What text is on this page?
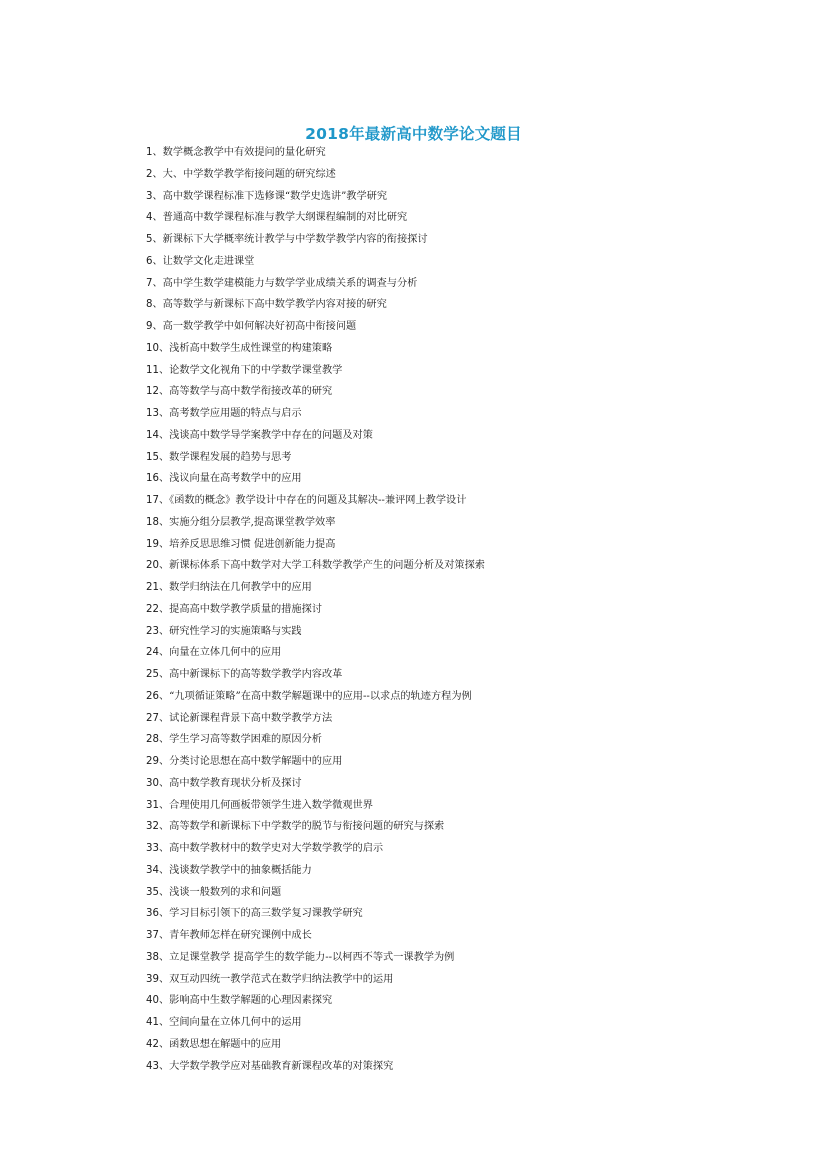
2018年最新高中数学论文题目
1、数学概念教学中有效提问的量化研究
2、大、中学数学教学衔接问题的研究综述
3、高中数学课程标准下选修课“数学史选讲”教学研究
4、普通高中数学课程标准与教学大纲课程编制的对比研究
5、新课标下大学概率统计教学与中学数学教学内容的衔接探讨
6、让数学文化走进课堂
7、高中学生数学建模能力与数学学业成绩关系的调查与分析
8、高等数学与新课标下高中数学教学内容对接的研究
9、高一数学教学中如何解决好初高中衔接问题
10、浅析高中数学生成性课堂的构建策略
11、论数学文化视角下的中学数学课堂教学
12、高等数学与高中数学衔接改革的研究
13、高考数学应用题的特点与启示
14、浅谈高中数学导学案教学中存在的问题及对策
15、数学课程发展的趋势与思考
16、浅议向量在高考数学中的应用
17、《函数的概念》教学设计中存在的问题及其解决--兼评网上教学设计
18、实施分组分层教学,提高课堂教学效率
19、培养反思思维习惯 促进创新能力提高
20、新课标体系下高中数学对大学工科数学教学产生的问题分析及对策探索
21、数学归纳法在几何教学中的应用
22、提高高中数学教学质量的措施探讨
23、研究性学习的实施策略与实践
24、向量在立体几何中的应用
25、高中新课标下的高等数学教学内容改革
26、“九项循证策略”在高中数学解题课中的应用--以求点的轨迹方程为例
27、试论新课程背景下高中数学教学方法
28、学生学习高等数学困难的原因分析
29、分类讨论思想在高中数学解题中的应用
30、高中数学教育现状分析及探讨
31、合理使用几何画板带领学生进入数学微观世界
32、高等数学和新课标下中学数学的脱节与衔接问题的研究与探索
33、高中数学教材中的数学史对大学数学教学的启示
34、浅谈数学教学中的抽象概括能力
35、浅谈一般数列的求和问题
36、学习目标引领下的高三数学复习课教学研究
37、青年教师怎样在研究课例中成长
38、立足课堂教学 提高学生的数学能力--以柯西不等式一课教学为例
39、双互动四统一教学范式在数学归纳法教学中的运用
40、影响高中生数学解题的心理因素探究
41、空间向量在立体几何中的运用
42、函数思想在解题中的应用
43、大学数学教学应对基础教育新课程改革的对策探究
